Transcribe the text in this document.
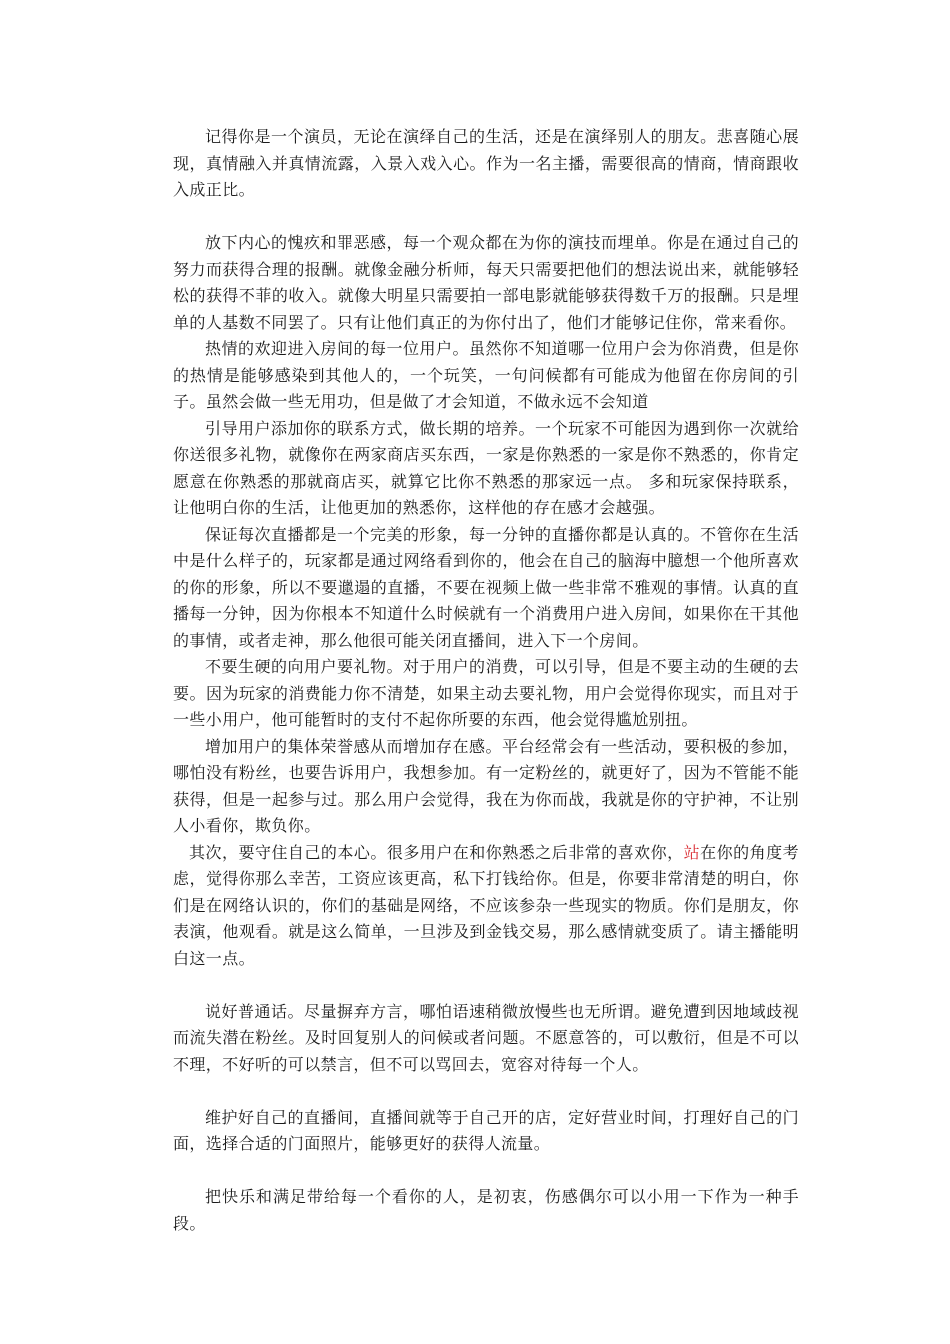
记得你是一个演员，无论在演绎自己的生活，还是在演绎别人的朋友。悲喜随心展现，真情融入并真情流露，入景入戏入心。作为一名主播，需要很高的情商，情商跟收入成正比。

放下内心的愧疚和罪恶感，每一个观众都在为你的演技而埋单。你是在通过自己的努力而获得合理的报酬。就像金融分析师，每天只需要把他们的想法说出来，就能够轻松的获得不菲的收入。就像大明星只需要拍一部电影就能够获得数千万的报酬。只是埋单的人基数不同罢了。只有让他们真正的为你付出了，他们才能够记住你，常来看你。

热情的欢迎进入房间的每一位用户。虽然你不知道哪一位用户会为你消费，但是你的热情是能够感染到其他人的，一个玩笑，一句问候都有可能成为他留在你房间的引子。虽然会做一些无用功，但是做了才会知道，不做永远不会知道

引导用户添加你的联系方式，做长期的培养。一个玩家不可能因为遇到你一次就给你送很多礼物，就像你在两家商店买东西，一家是你熟悉的一家是你不熟悉的，你肯定愿意在你熟悉的那就商店买，就算它比你不熟悉的那家远一点。 多和玩家保持联系，让他明白你的生活，让他更加的熟悉你，这样他的存在感才会越强。

保证每次直播都是一个完美的形象，每一分钟的直播你都是认真的。不管你在生活中是什么样子的，玩家都是通过网络看到你的，他会在自己的脑海中臆想一个他所喜欢的你的形象，所以不要邋遢的直播，不要在视频上做一些非常不雅观的事情。认真的直播每一分钟，因为你根本不知道什么时候就有一个消费用户进入房间，如果你在干其他的事情，或者走神，那么他很可能关闭直播间，进入下一个房间。

不要生硬的向用户要礼物。对于用户的消费，可以引导，但是不要主动的生硬的去要。因为玩家的消费能力你不清楚，如果主动去要礼物，用户会觉得你现实，而且对于一些小用户，他可能暂时的支付不起你所要的东西，他会觉得尴尬别扭。

增加用户的集体荣誉感从而增加存在感。平台经常会有一些活动，要积极的参加，哪怕没有粉丝，也要告诉用户，我想参加。有一定粉丝的，就更好了，因为不管能不能获得，但是一起参与过。那么用户会觉得，我在为你而战，我就是你的守护神，不让别人小看你，欺负你。

其次，要守住自己的本心。很多用户在和你熟悉之后非常的喜欢你，站在你的角度考虑，觉得你那么幸苦，工资应该更高，私下打钱给你。但是，你要非常清楚的明白，你们是在网络认识的，你们的基础是网络，不应该参杂一些现实的物质。你们是朋友，你表演，他观看。就是这么简单，一旦涉及到金钱交易，那么感情就变质了。请主播能明白这一点。

说好普通话。尽量摒弃方言，哪怕语速稍微放慢些也无所谓。避免遭到因地域歧视而流失潜在粉丝。及时回复别人的问候或者问题。不愿意答的，可以敷衍，但是不可以不理，不好听的可以禁言，但不可以骂回去，宽容对待每一个人。

维护好自己的直播间，直播间就等于自己开的店，定好营业时间，打理好自己的门面，选择合适的门面照片，能够更好的获得人流量。

把快乐和满足带给每一个看你的人，是初衷，伤感偶尔可以小用一下作为一种手段。
